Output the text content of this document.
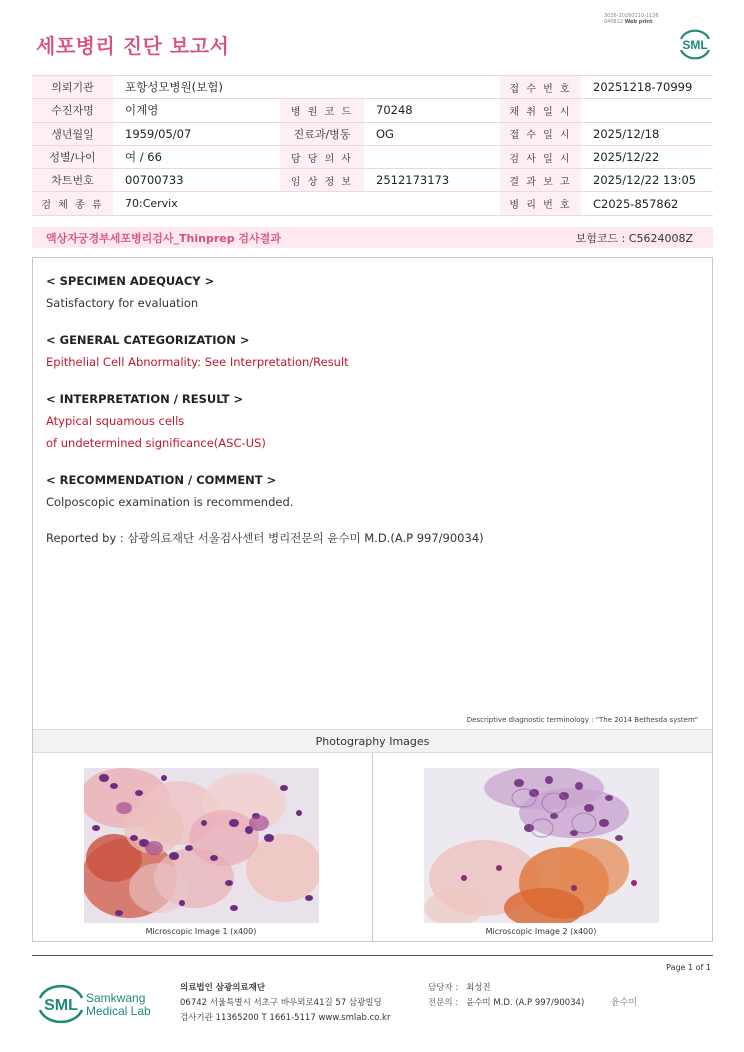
3036-20260110-1138
040822 Web print
세포병리 진단 보고서	SML
의뢰기관	포항성모병원(보험)			접 수 번 호	20251218-70999
수진자명	이계영	병 원 코 드	70248	채 취 일 시	
생년월일	1959/05/07	진료과/병동	OG	접 수 일 시	2025/12/18
성별/나이	여 / 66	담 당 의 사		검 사 일 시	2025/12/22
차트번호	00700733	임 상 정 보	2512173173	결 과 보 고	2025/12/22 13:05
검 체 종 류	70:Cervix			병 리 번 호	C2025-857862
액상자궁경부세포병리검사_Thinprep 검사결과	보험코드 : C5624008Z
< SPECIMEN ADEQUACY >
Satisfactory for evaluation
< GENERAL CATEGORIZATION >
Epithelial Cell Abnormality: See Interpretation/Result
< INTERPRETATION / RESULT >
Atypical squamous cells
of undetermined significance(ASC-US)
< RECOMMENDATION / COMMENT >
Colposcopic examination is recommended.
Reported by : 삼광의료재단 서울검사센터 병리전문의 윤수미 M.D.(A.P 997/90034)
Descriptive diagnostic terminology : "The 2014 Bethesda system"
Photography Images
Microscopic Image 1 (x400)	Microscopic Image 2 (x400)
Page 1 of 1
SML Samkwang
Medical Lab
의료법인 삼광의료재단
06742 서울특별시 서초구 바우뫼로41길 57 삼광빌딩
검사기관 11365200 T 1661-5117 www.smlab.co.kr
담당자 : 최성진
전문의 : 윤수미 M.D. (A.P 997/90034)	윤수미
